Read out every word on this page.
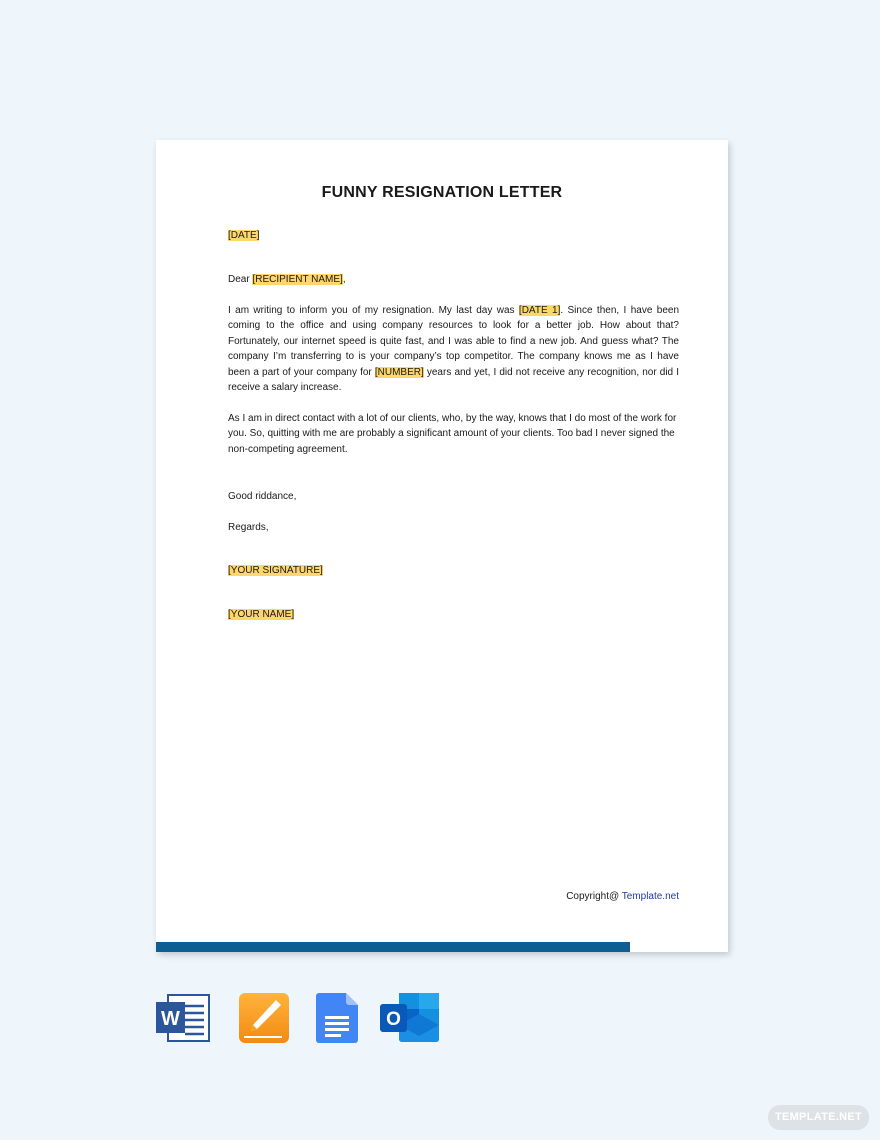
FUNNY RESIGNATION LETTER
[DATE]
Dear [RECIPIENT NAME],
I am writing to inform you of my resignation. My last day was [DATE 1]. Since then, I have been coming to the office and using company resources to look for a better job. How about that? Fortunately, our internet speed is quite fast, and I was able to find a new job. And guess what? The company I’m transferring to is your company’s top competitor. The company knows me as I have been a part of your company for [NUMBER] years and yet, I did not receive any recognition, nor did I receive a salary increase.
As I am in direct contact with a lot of our clients, who, by the way, knows that I do most of the work for you. So, quitting with me are probably a significant amount of your clients. Too bad I never signed the non-competing agreement.
Good riddance,
Regards,
[YOUR SIGNATURE]
[YOUR NAME]
Copyright@ Template.net
W	O
TEMPLATE.NET
